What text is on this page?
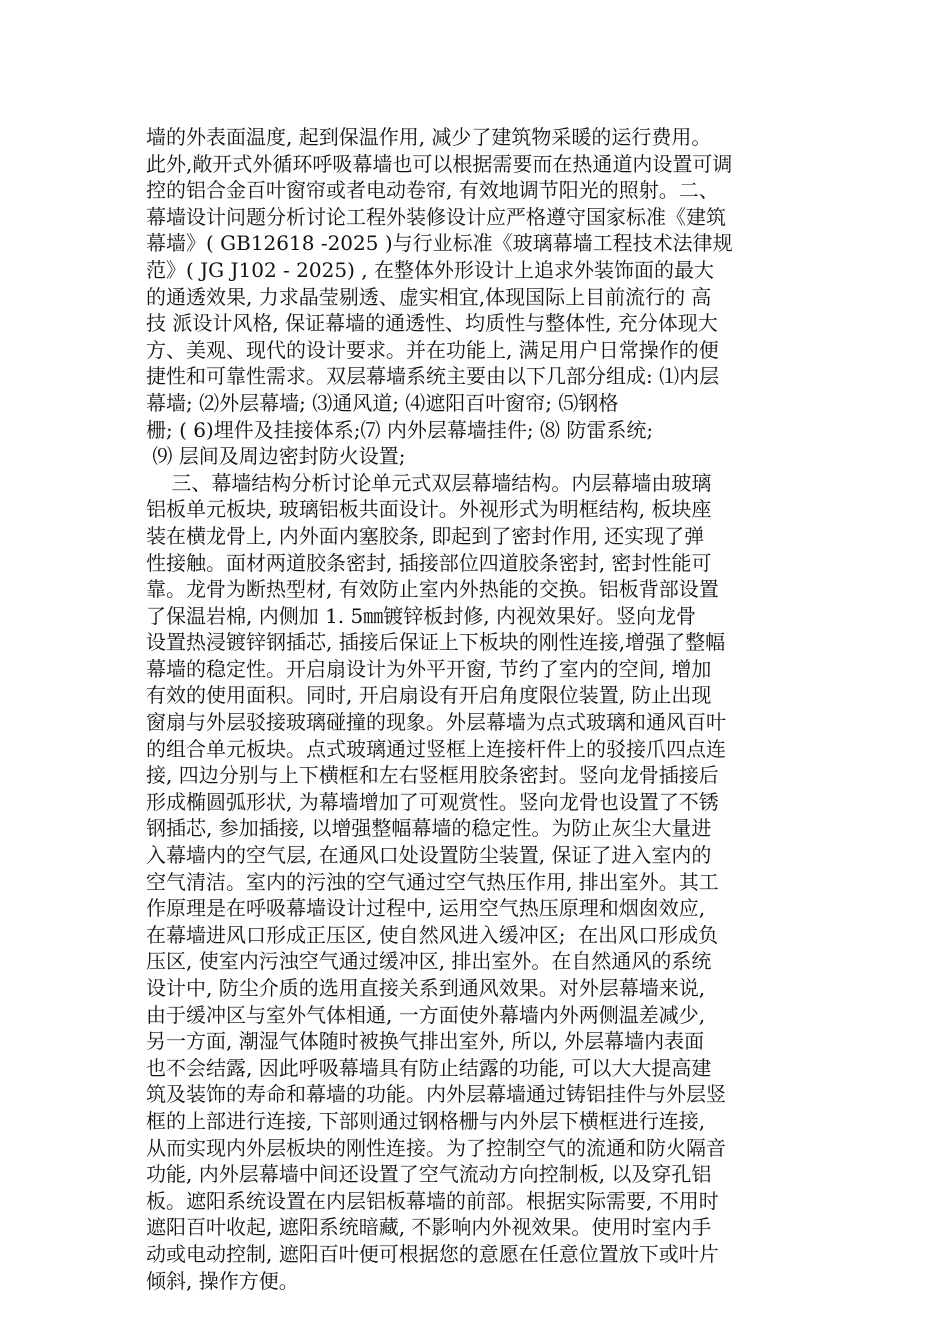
墙的外表面温度, 起到保温作用, 减少了建筑物采暖的运行费用。
此外,敞开式外循环呼吸幕墙也可以根据需要而在热通道内设置可调
控的铝合金百叶窗帘或者电动卷帘, 有效地调节阳光的照射。二、
幕墙设计问题分析讨论工程外装修设计应严格遵守国家标准《建筑
幕墙》( GB12618 -2025 )与行业标准《玻璃幕墙工程技术法律规
范》( JG J102 - 2025) , 在整体外形设计上追求外装饰面的最大
的通透效果, 力求晶莹剔透、虚实相宜,体现国际上目前流行的 高
技 派设计风格, 保证幕墙的通透性、均质性与整体性, 充分体现大
方、美观、现代的设计要求。并在功能上, 满足用户日常操作的便
捷性和可靠性需求。双层幕墙系统主要由以下几部分组成: ⑴内层
幕墙; ⑵外层幕墙; ⑶通风道; ⑷遮阳百叶窗帘; ⑸钢格
栅; ( 6)埋件及挂接体系;⑺ 内外层幕墙挂件; ⑻ 防雷系统;
⑼ 层间及周边密封防火设置;
三、幕墙结构分析讨论单元式双层幕墙结构。内层幕墙由玻璃
铝板单元板块, 玻璃铝板共面设计。外视形式为明框结构, 板块座
装在横龙骨上, 内外面内塞胶条, 即起到了密封作用, 还实现了弹
性接触。面材两道胶条密封, 插接部位四道胶条密封, 密封性能可
靠。龙骨为断热型材, 有效防止室内外热能的交换。铝板背部设置
了保温岩棉, 内侧加 1. 5㎜镀锌板封修, 内视效果好。竖向龙骨
设置热浸镀锌钢插芯, 插接后保证上下板块的刚性连接,增强了整幅
幕墙的稳定性。开启扇设计为外平开窗, 节约了室内的空间, 增加
有效的使用面积。同时, 开启扇设有开启角度限位装置, 防止出现
窗扇与外层驳接玻璃碰撞的现象。外层幕墙为点式玻璃和通风百叶
的组合单元板块。点式玻璃通过竖框上连接杆件上的驳接爪四点连
接, 四边分别与上下横框和左右竖框用胶条密封。竖向龙骨插接后
形成椭圆弧形状, 为幕墙增加了可观赏性。竖向龙骨也设置了不锈
钢插芯, 参加插接, 以增强整幅幕墙的稳定性。为防止灰尘大量进
入幕墙内的空气层, 在通风口处设置防尘装置, 保证了进入室内的
空气清洁。室内的污浊的空气通过空气热压作用, 排出室外。其工
作原理是在呼吸幕墙设计过程中, 运用空气热压原理和烟囱效应,
在幕墙进风口形成正压区, 使自然风进入缓冲区;  在出风口形成负
压区, 使室内污浊空气通过缓冲区, 排出室外。在自然通风的系统
设计中, 防尘介质的选用直接关系到通风效果。对外层幕墙来说,
由于缓冲区与室外气体相通, 一方面使外幕墙内外两侧温差减少,
另一方面, 潮湿气体随时被换气排出室外, 所以, 外层幕墙内表面
也不会结露, 因此呼吸幕墙具有防止结露的功能, 可以大大提高建
筑及装饰的寿命和幕墙的功能。内外层幕墙通过铸铝挂件与外层竖
框的上部进行连接, 下部则通过钢格栅与内外层下横框进行连接,
从而实现内外层板块的刚性连接。为了控制空气的流通和防火隔音
功能, 内外层幕墙中间还设置了空气流动方向控制板, 以及穿孔铝
板。遮阳系统设置在内层铝板幕墙的前部。根据实际需要, 不用时
遮阳百叶收起, 遮阳系统暗藏, 不影响内外视效果。使用时室内手
动或电动控制, 遮阳百叶便可根据您的意愿在任意位置放下或叶片
倾斜, 操作方便。
